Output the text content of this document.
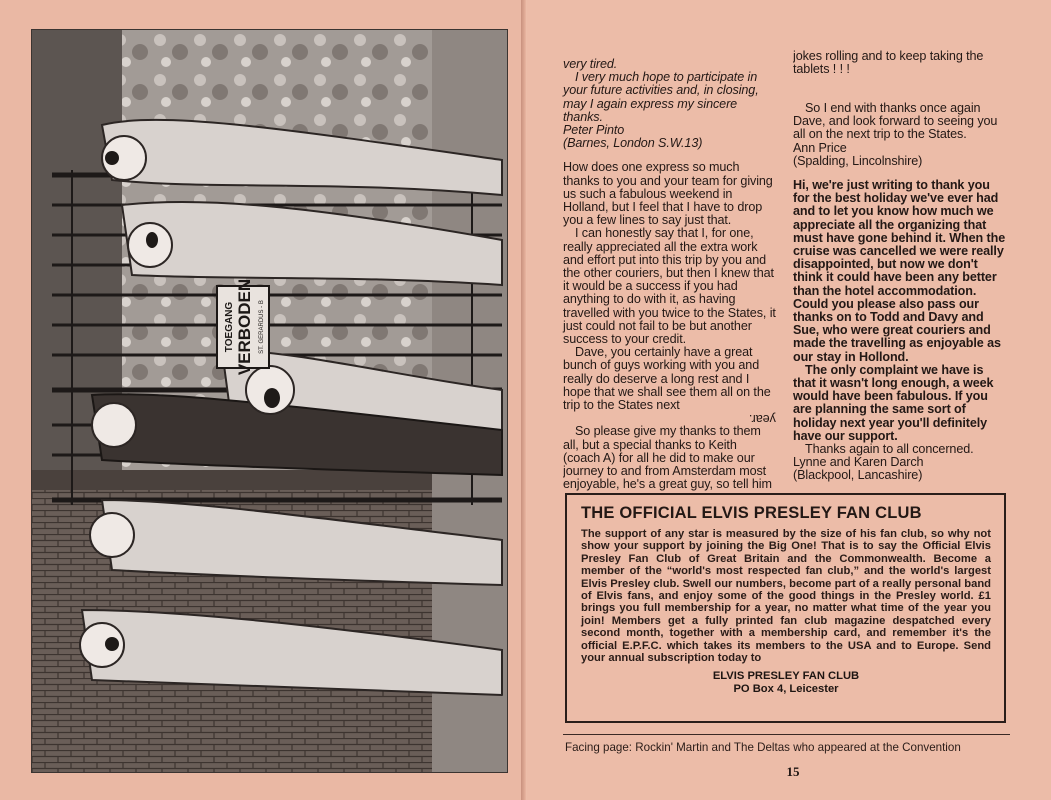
TOEGANG VERBODEN ST. GERARDUS - B

very tired.

I very much hope to participate in your future activities and, in closing, may I again express my sincere thanks.

Peter Pinto

(Barnes, London S.W.13)

How does one express so much thanks to you and your team for giving us such a fabulous weekend in Holland, but I feel that I have to drop you a few lines to say just that.

I can honestly say that I, for one, really appreciated all the extra work and effort put into this trip by you and the other couriers, but then I knew that it would be a success if you had anything to do with it, as having travelled with you twice to the States, it just could not fail to be but another success to your credit.

Dave, you certainly have a great bunch of guys working with you and really do deserve a long rest and I hope that we shall see them all on the trip to the States next

year.

So please give my thanks to them all, but a special thanks to Keith (coach A) for all he did to make our journey to and from Amsterdam most enjoyable, he's a great guy, so tell him

jokes rolling and to keep taking the tablets ! ! !

So I end with thanks once again Dave, and look forward to seeing you all on the next trip to the States.

Ann Price

(Spalding, Lincolnshire)

Hi, we're just writing to thank you for the best holiday we've ever had and to let you know how much we appreciate all the organizing that must have gone behind it. When the cruise was cancelled we were really disappointed, but now we don't think it could have been any better than the hotel accommodation. Could you please also pass our thanks on to Todd and Davy and Sue, who were great couriers and made the travelling as enjoyable as our stay in Hollond.

The only complaint we have is that it wasn't long enough, a week would have been fabulous. If you are planning the same sort of holiday next year you'll definitely have our support.

Thanks again to all concerned.

Lynne and Karen Darch

(Blackpool, Lancashire)

THE OFFICIAL ELVIS PRESLEY FAN CLUB
The support of any star is measured by the size of his fan club, so why not show your support by joining the Big One! That is to say the Official Elvis Presley Fan Club of Great Britain and the Commonwealth. Become a member of the “world's most respected fan club,” and the world's largest Elvis Presley club. Swell our numbers, become part of a really personal band of Elvis fans, and enjoy some of the good things in the Presley world. £1 brings you full membership for a year, no matter what time of the year you join! Members get a fully printed fan club magazine despatched every second month, together with a membership card, and remember it's the official E.P.F.C. which takes its members to the USA and to Europe. Send your annual subscription today to
ELVIS PRESLEY FAN CLUB
PO Box 4, Leicester
Facing page: Rockin' Martin and The Deltas who appeared at the Convention
15
